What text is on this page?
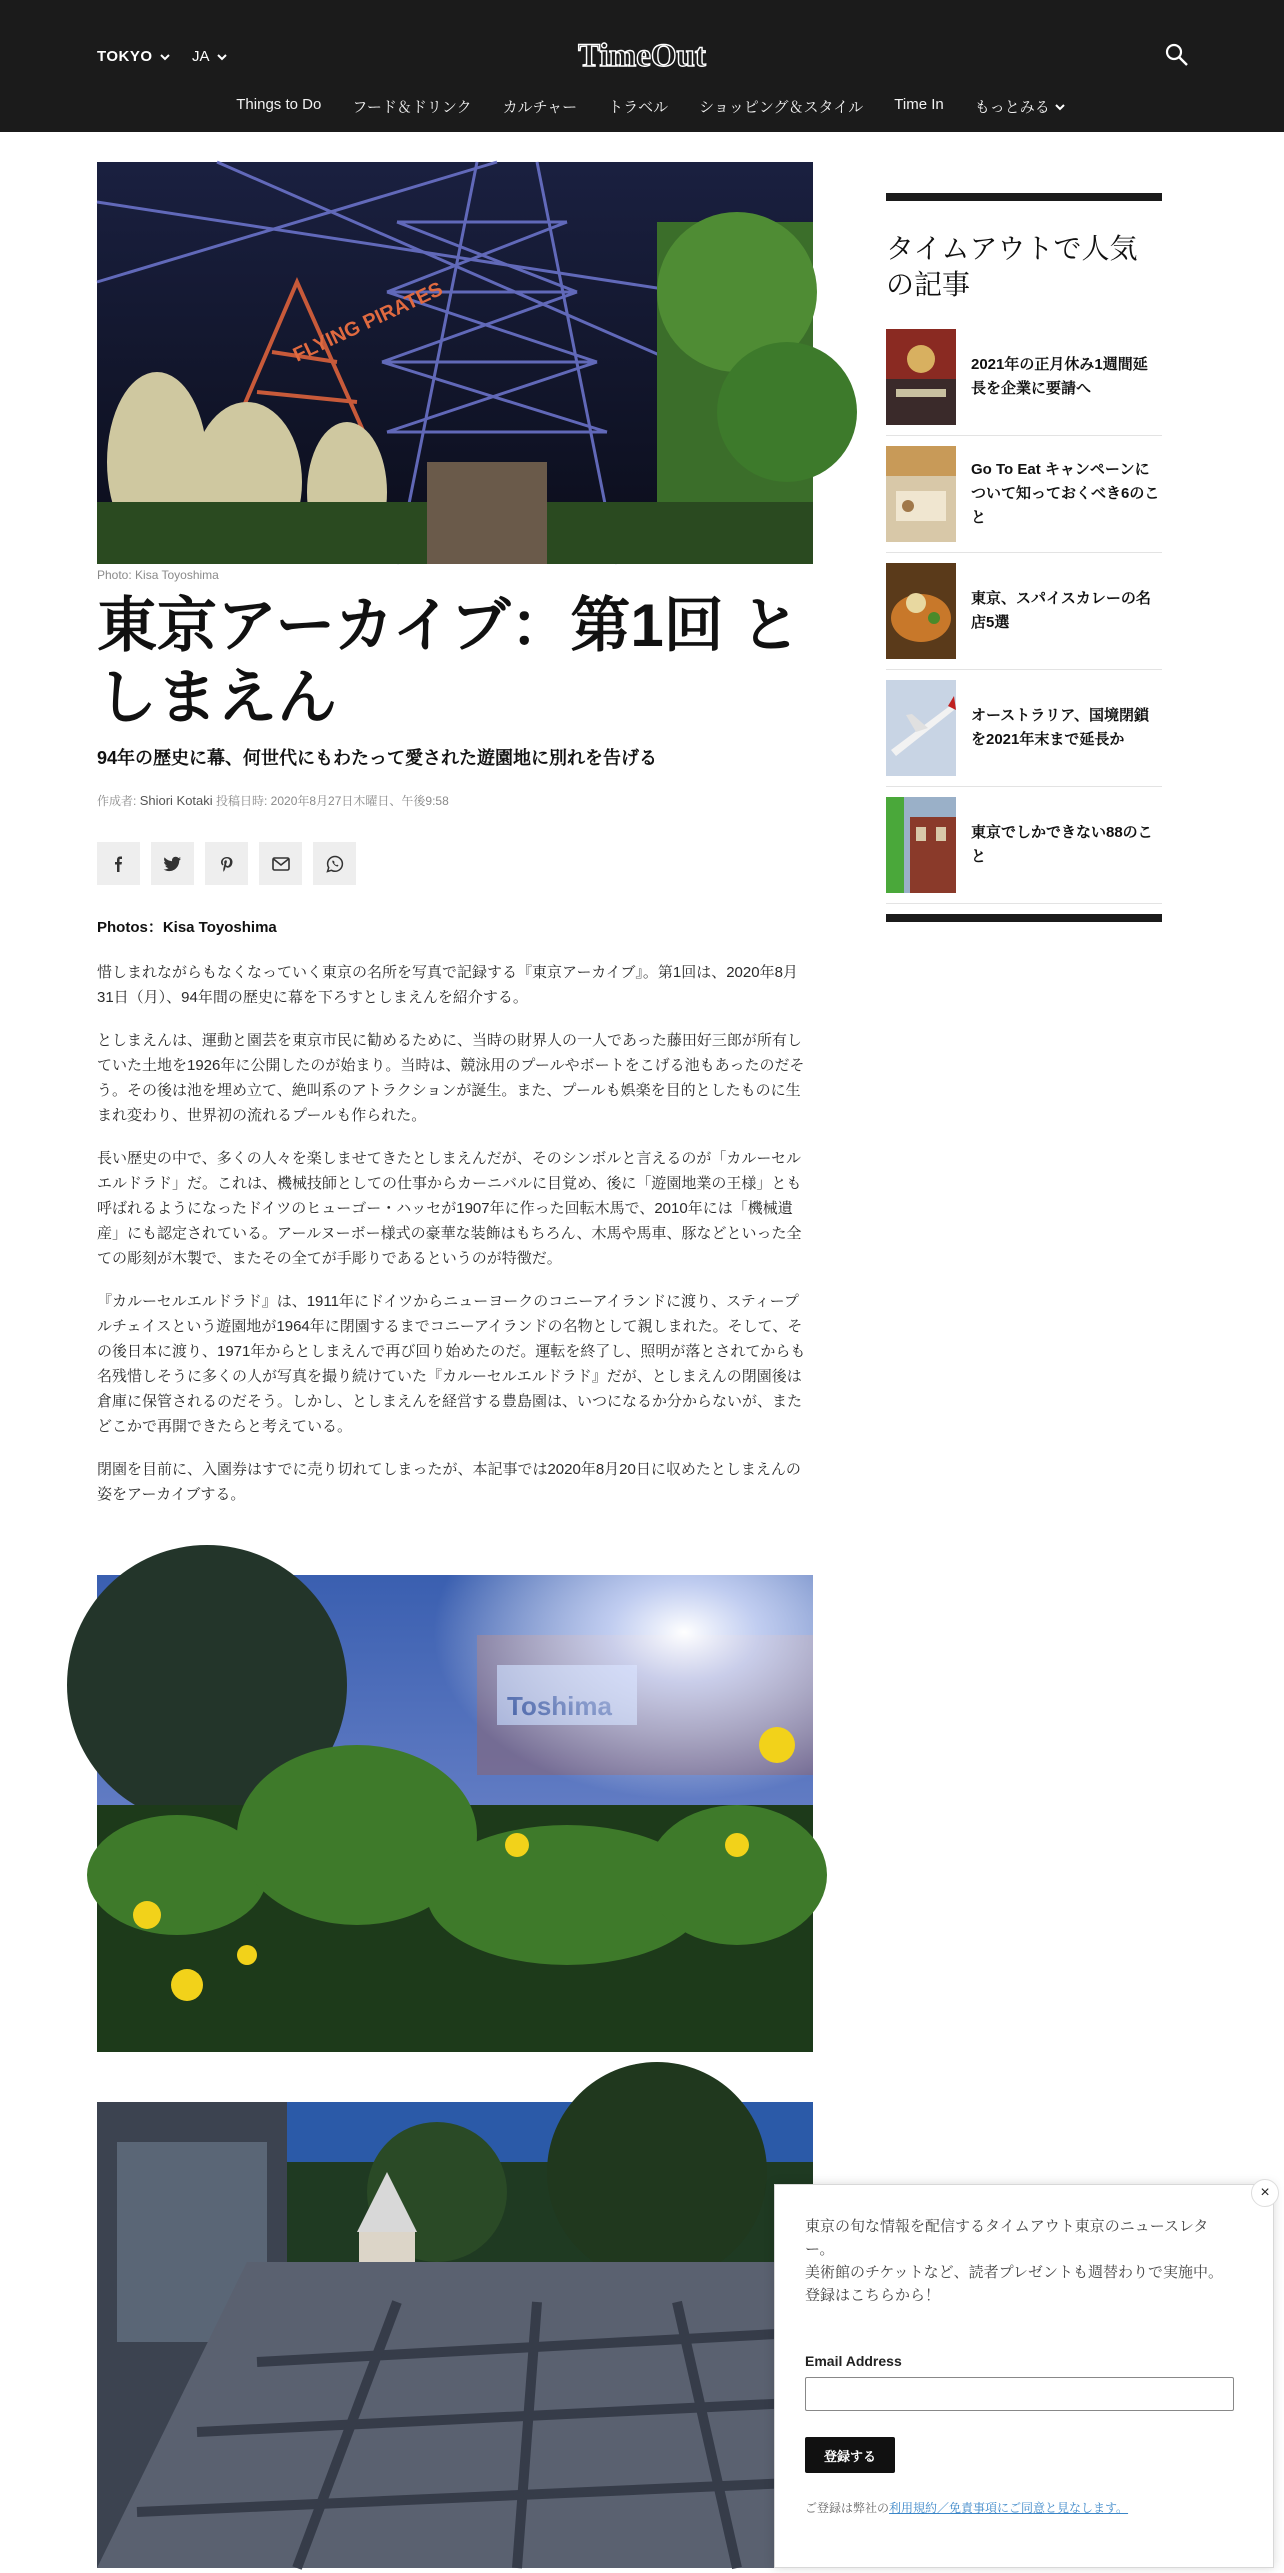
TOKYO	JA	TimeOut
Things to Do フード＆ドリンク カルチャー トラベル ショッピング＆スタイル Time In もっとみる
FLYING PIRATES
Photo: Kisa Toyoshima
東京アーカイブ：第1回 としまえん
94年の歴史に幕、何世代にもわたって愛された遊園地に別れを告げる
作成者: Shiori Kotaki 投稿日時: 2020年8月27日木曜日、午後9:58
Photos：Kisa Toyoshima

惜しまれながらもなくなっていく東京の名所を写真で記録する『東京アーカイブ』。第1回は、2020年8月31日（月）、94年間の歴史に幕を下ろすとしまえんを紹介する。

としまえんは、運動と園芸を東京市民に勧めるために、当時の財界人の一人であった藤田好三郎が所有していた土地を1926年に公開したのが始まり。当時は、競泳用のプールやボートをこげる池もあったのだそう。その後は池を埋め立て、絶叫系のアトラクションが誕生。また、プールも娯楽を目的としたものに生まれ変わり、世界初の流れるプールも作られた。

長い歴史の中で、多くの人々を楽しませてきたとしまえんだが、そのシンボルと言えるのが「カルーセルエルドラド」だ。これは、機械技師としての仕事からカーニバルに目覚め、後に「遊園地業の王様」とも呼ばれるようになったドイツのヒューゴー・ハッセが1907年に作った回転木馬で、2010年には「機械遺産」にも認定されている。アールヌーボー様式の豪華な装飾はもちろん、木馬や馬車、豚などといった全ての彫刻が木製で、またその全てが手彫りであるというのが特徴だ。

『カルーセルエルドラド』は、1911年にドイツからニューヨークのコニーアイランドに渡り、スティープルチェイスという遊園地が1964年に閉園するまでコニーアイランドの名物として親しまれた。そして、その後日本に渡り、1971年からとしまえんで再び回り始めたのだ。運転を終了し、照明が落とされてからも名残惜しそうに多くの人が写真を撮り続けていた『カルーセルエルドラド』だが、としまえんの閉園後は倉庫に保管されるのだそう。しかし、としまえんを経営する豊島園は、いつになるか分からないが、またどこかで再開できたらと考えている。

閉園を目前に、入園券はすでに売り切れてしまったが、本記事では2020年8月20日に収めたとしまえんの姿をアーカイブする。

タイムアウトで人気の記事
2021年の正月休み1週間延長を企業に要請へ
Go To Eat キャンペーンについて知っておくべき6のこと
東京、スパイスカレーの名店5選
オーストラリア、国境閉鎖を2021年末まで延長か
東京でしかできない88のこと
×
東京の旬な情報を配信するタイムアウト東京のニュースレター。
美術館のチケットなど、読者プレゼントも週替わりで実施中。
登録はこちらから！
Email Address
登録する
ご登録は弊社の利用規約／免責事項にご同意と見なします。
